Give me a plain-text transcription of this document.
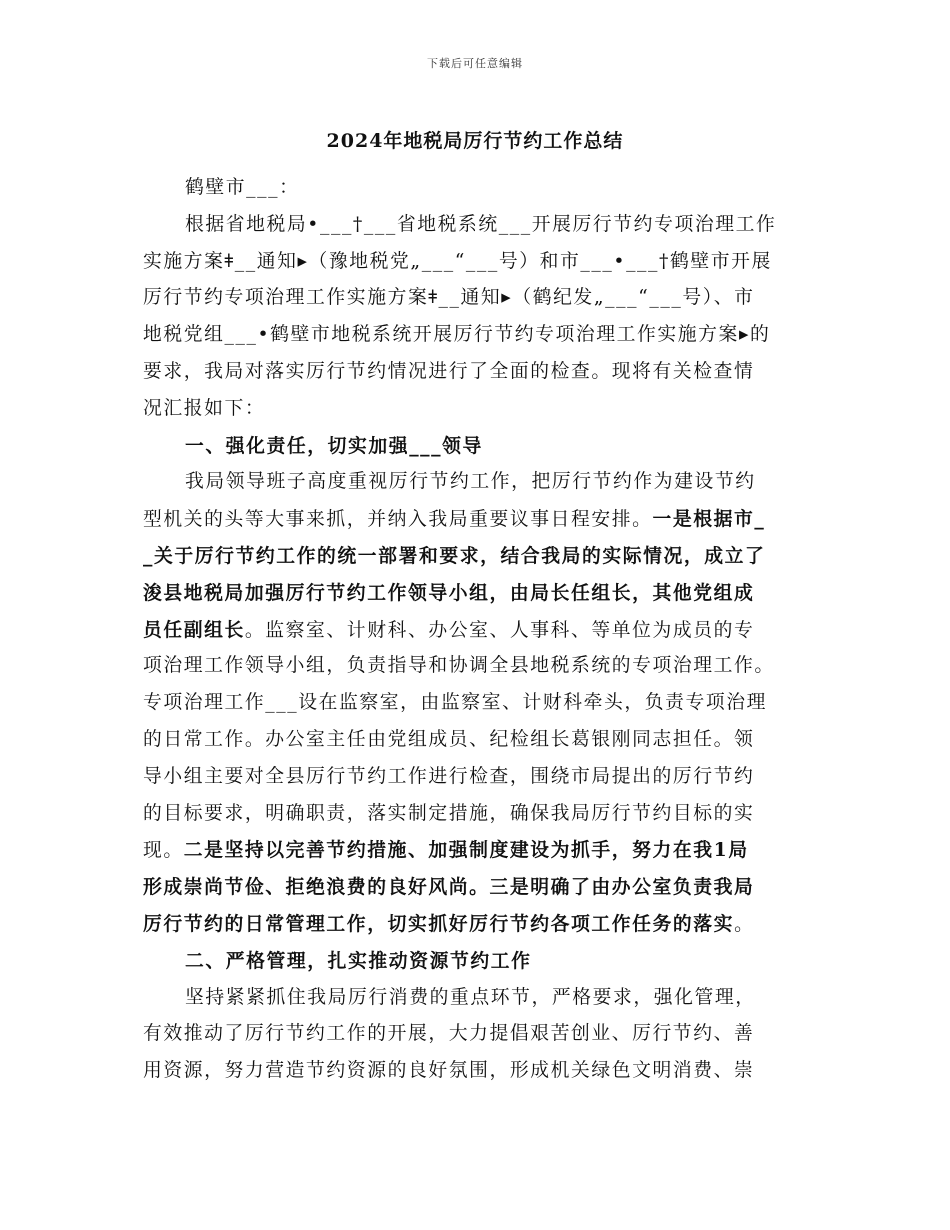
下载后可任意编辑
2024年地税局厉行节约工作总结
鹤壁市___：
根据省地税局•___†___省地税系统___开展厉行节约专项治理工作
实施方案ǂ__通知▸（豫地税党„___“___号）和市___•___†鹤壁市开展
厉行节约专项治理工作实施方案ǂ__通知▸（鹤纪发„___“___号）、市
地税党组___•鹤壁市地税系统开展厉行节约专项治理工作实施方案▸的
要求，我局对落实厉行节约情况进行了全面的检查。现将有关检查情
况汇报如下：
一、强化责任，切实加强___领导
我局领导班子高度重视厉行节约工作，把厉行节约作为建设节约
型机关的头等大事来抓，并纳入我局重要议事日程安排。一是根据市_
_关于厉行节约工作的统一部署和要求，结合我局的实际情况，成立了
浚县地税局加强厉行节约工作领导小组，由局长任组长，其他党组成
员任副组长。监察室、计财科、办公室、人事科、等单位为成员的专
项治理工作领导小组，负责指导和协调全县地税系统的专项治理工作。
专项治理工作___设在监察室，由监察室、计财科牵头，负责专项治理
的日常工作。办公室主任由党组成员、纪检组长葛银刚同志担任。领
导小组主要对全县厉行节约工作进行检查，围绕市局提出的厉行节约
的目标要求，明确职责，落实制定措施，确保我局厉行节约目标的实
现。二是坚持以完善节约措施、加强制度建设为抓手，努力在我1局
形成崇尚节俭、拒绝浪费的良好风尚。三是明确了由办公室负责我局
厉行节约的日常管理工作，切实抓好厉行节约各项工作任务的落实。
二、严格管理，扎实推动资源节约工作
坚持紧紧抓住我局厉行消费的重点环节，严格要求，强化管理，
有效推动了厉行节约工作的开展，大力提倡艰苦创业、厉行节约、善
用资源，努力营造节约资源的良好氛围，形成机关绿色文明消费、崇
